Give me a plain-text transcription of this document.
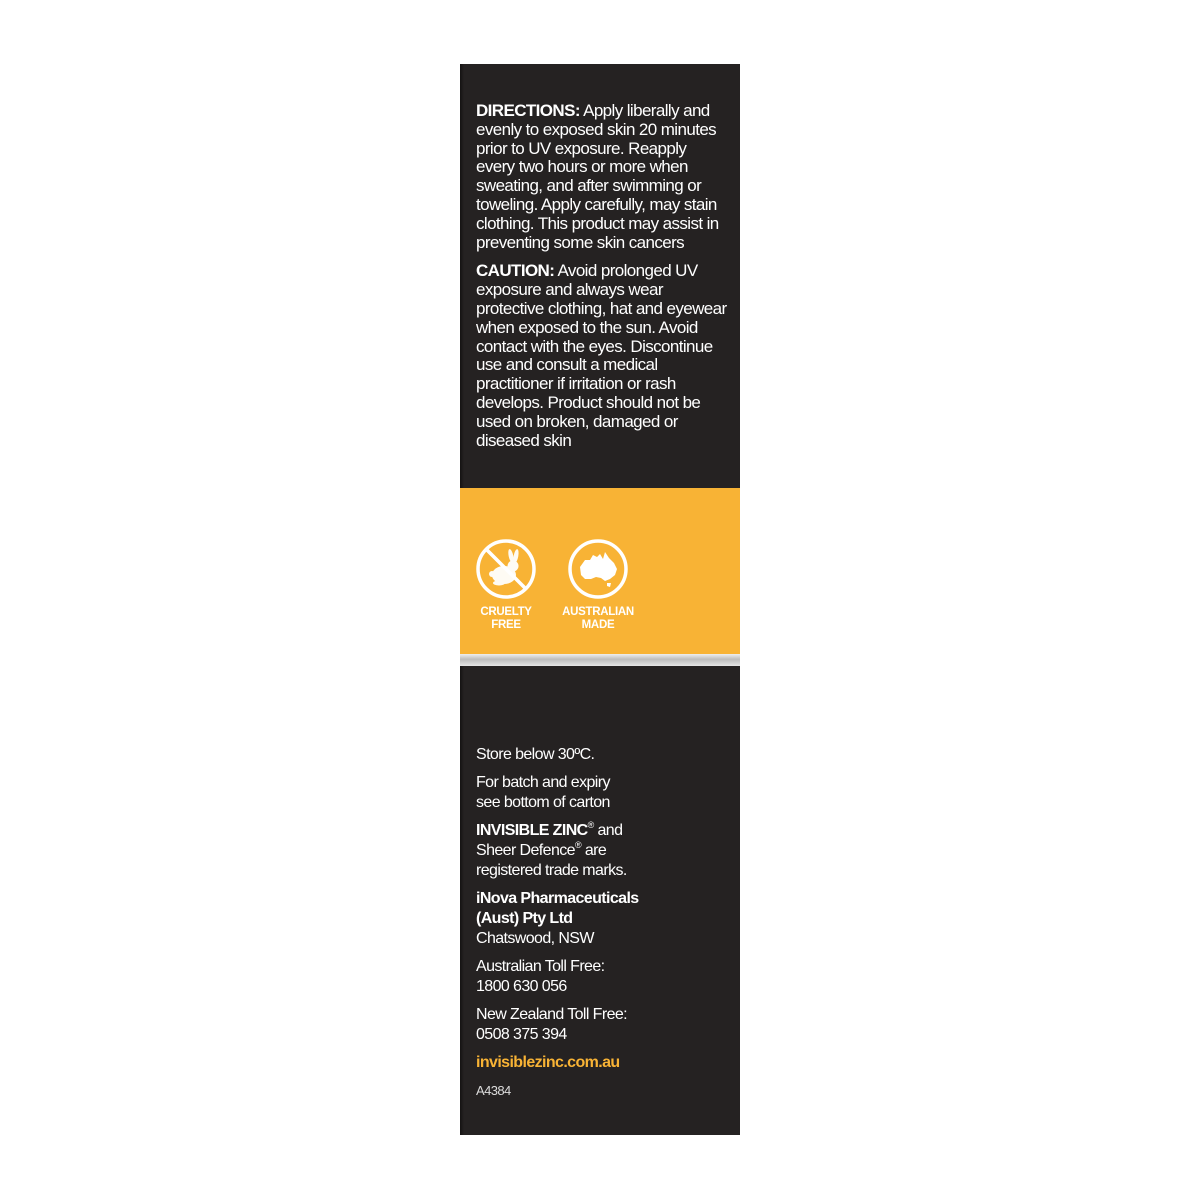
DIRECTIONS: Apply liberally and evenly to exposed skin 20 minutes prior to UV exposure. Reapply every two hours or more when sweating, and after swimming or toweling. Apply carefully, may stain clothing. This product may assist in preventing some skin cancers

CAUTION: Avoid prolonged UV exposure and always wear protective clothing, hat and eyewear when exposed to the sun. Avoid contact with the eyes. Discontinue use and consult a medical practitioner if irritation or rash develops. Product should not be used on broken, damaged or diseased skin

CRUELTY
FREE
AUSTRALIAN
MADE

Store below 30ºC.

For batch and expiry
see bottom of carton

INVISIBLE ZINC® and
Sheer Defence® are
registered trade marks.

iNova Pharmaceuticals
(Aust) Pty Ltd
Chatswood, NSW

Australian Toll Free:
1800 630 056

New Zealand Toll Free:
0508 375 394

invisiblezinc.com.au

A4384
